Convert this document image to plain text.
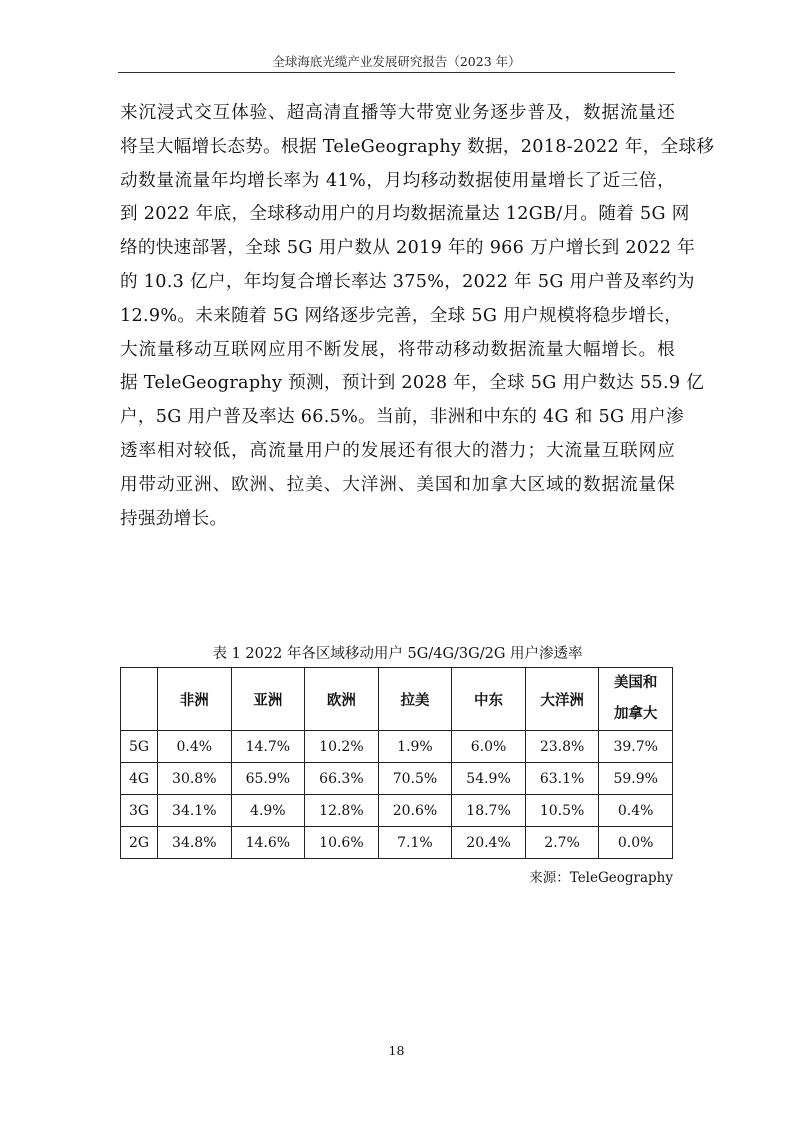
全球海底光缆产业发展研究报告（2023 年）
来沉浸式交互体验、超高清直播等大带宽业务逐步普及，数据流量还
将呈大幅增长态势。根据 TeleGeography 数据，2018-2022 年，全球移
动数量流量年均增长率为 41%，月均移动数据使用量增长了近三倍，
到 2022 年底，全球移动用户的月均数据流量达 12GB/月。随着 5G 网
络的快速部署，全球 5G 用户数从 2019 年的 966 万户增长到 2022 年
的 10.3 亿户，年均复合增长率达 375%，2022 年 5G 用户普及率约为
12.9%。未来随着 5G 网络逐步完善，全球 5G 用户规模将稳步增长，
大流量移动互联网应用不断发展，将带动移动数据流量大幅增长。根
据 TeleGeography 预测，预计到 2028 年，全球 5G 用户数达 55.9 亿
户，5G 用户普及率达 66.5%。当前，非洲和中东的 4G 和 5G 用户渗
透率相对较低，高流量用户的发展还有很大的潜力；大流量互联网应
用带动亚洲、欧洲、拉美、大洋洲、美国和加拿大区域的数据流量保
持强劲增长。
表 1 2022 年各区域移动用户 5G/4G/3G/2G 用户渗透率
	非洲	亚洲	欧洲	拉美	中东	大洋洲	美国和
加拿大

5G	0.4%	14.7%	10.2%	1.9%	6.0%	23.8%	39.7%
4G	30.8%	65.9%	66.3%	70.5%	54.9%	63.1%	59.9%
3G	34.1%	4.9%	12.8%	20.6%	18.7%	10.5%	0.4%
2G	34.8%	14.6%	10.6%	7.1%	20.4%	2.7%	0.0%
来源：TeleGeography
18
